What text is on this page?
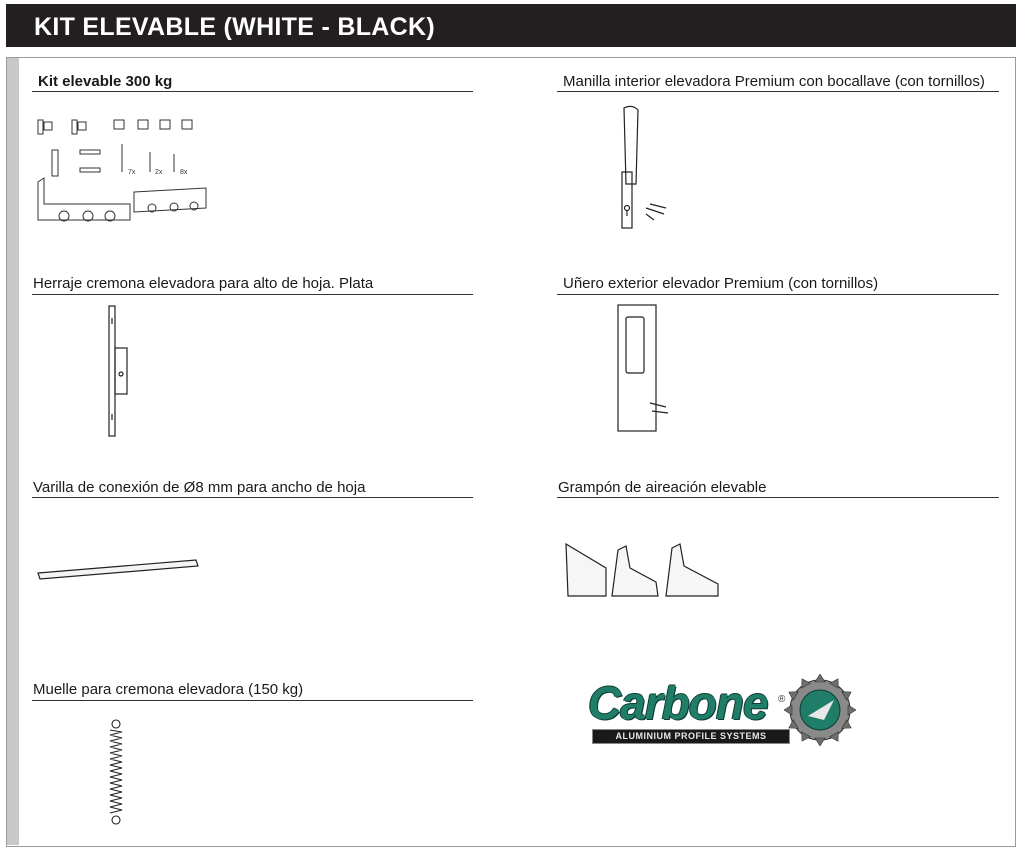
KIT ELEVABLE (WHITE - BLACK)
Kit elevable 300 kg
7x	2x	8x
Manilla interior elevadora Premium con bocallave (con tornillos)
Herraje cremona elevadora para alto de hoja. Plata	Uñero exterior elevador Premium (con tornillos)
Varilla de conexión de Ø8 mm para ancho de hoja	Grampón de aireación elevable
Muelle para cremona elevadora (150 kg)	Carbone ®
ALUMINIUM PROFILE SYSTEMS
